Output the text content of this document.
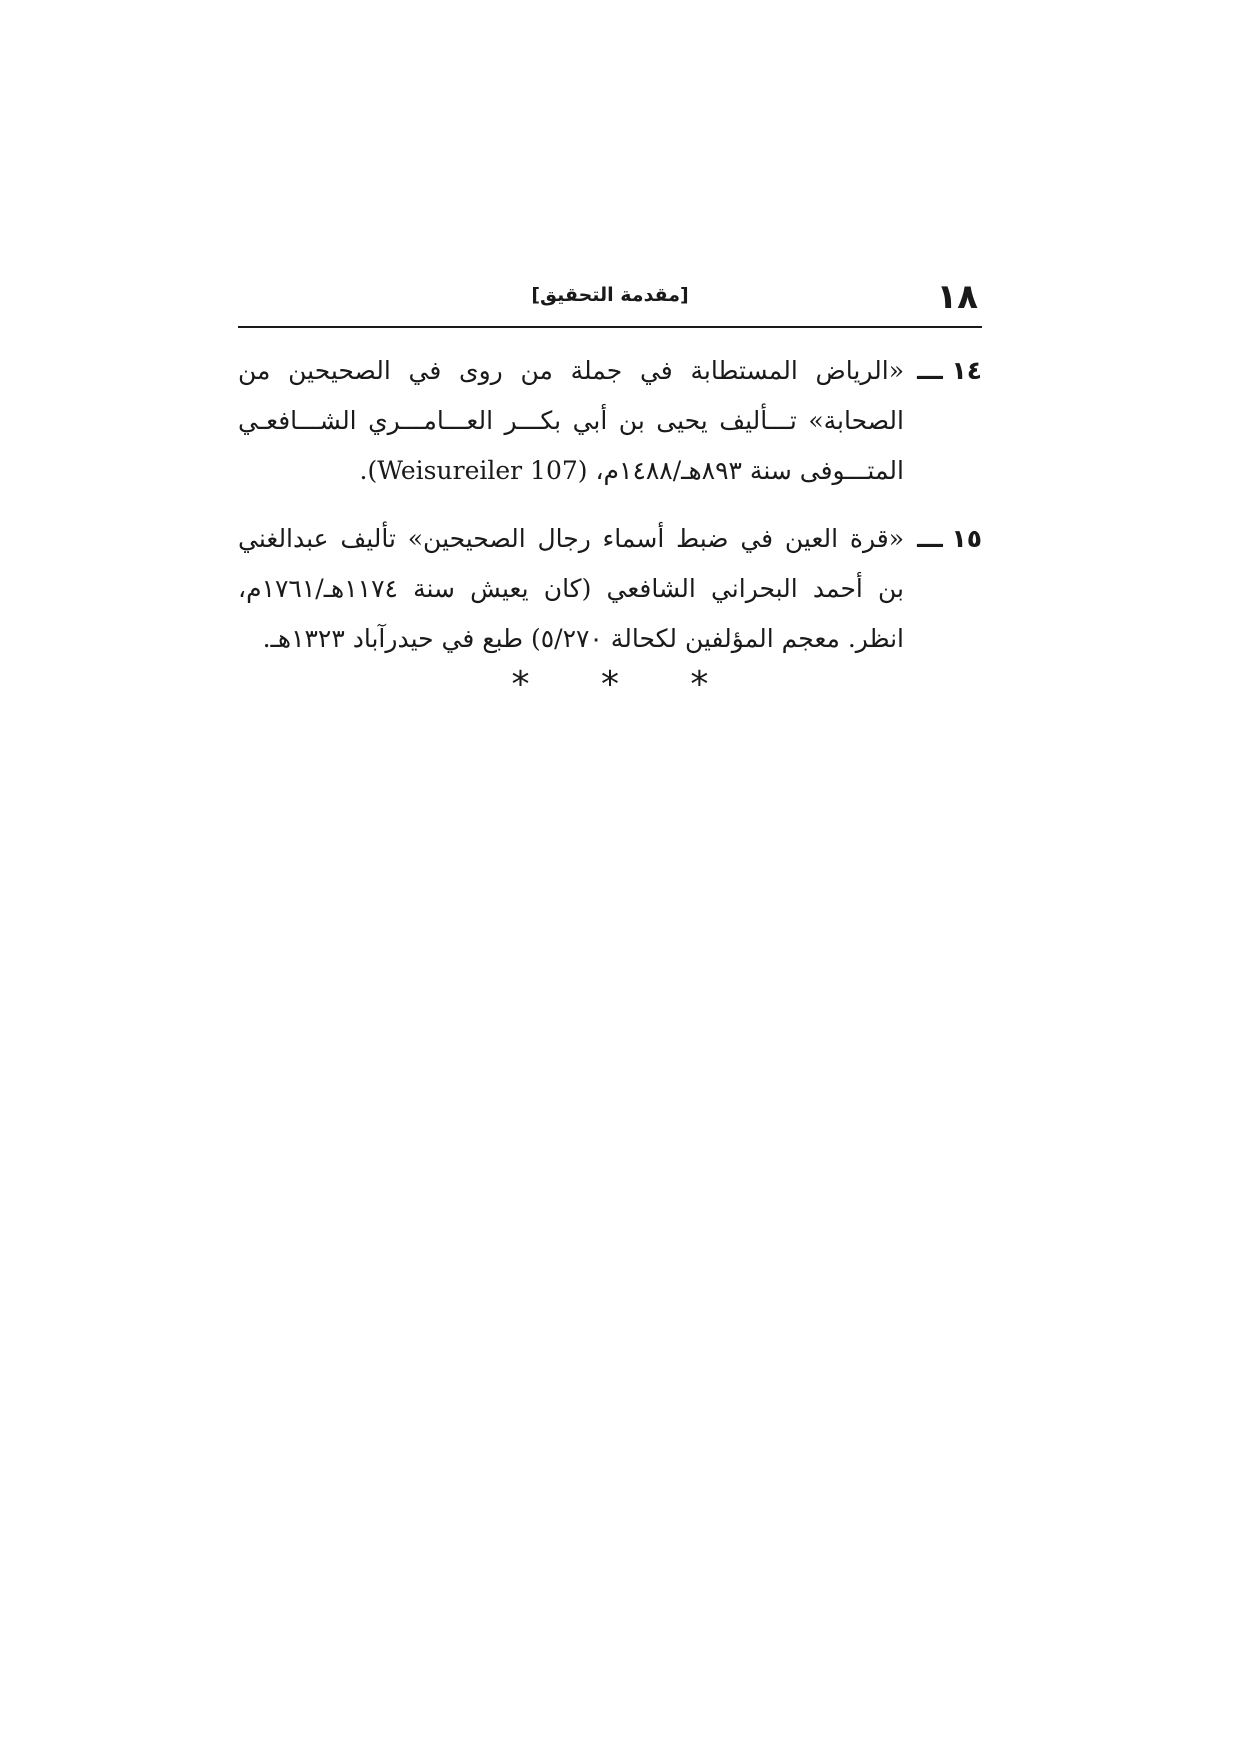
١٨
[مقدمة التحقيق]
١٤ ـــ
«الرياض المستطابة في جملة من روى في الصحيحين من الصحابة» تـــأليف يحيى بن أبي بكـــر العـــامـــري الشـــافعـي المتـــوفى سنة ٨٩٣هـ/١٤٨٨م، (Weisureiler 107).
١٥ ـــ
«قرة العين في ضبط أسماء رجال الصحيحين» تأليف عبدالغني بن أحمد البحراني الشافعي (كان يعيش سنة ١١٧٤هـ/١٧٦١م، انظر. معجم المؤلفين لكحالة ٥/٢٧٠) طبع في حيدرآباد ١٣٢٣هـ.
* * *
